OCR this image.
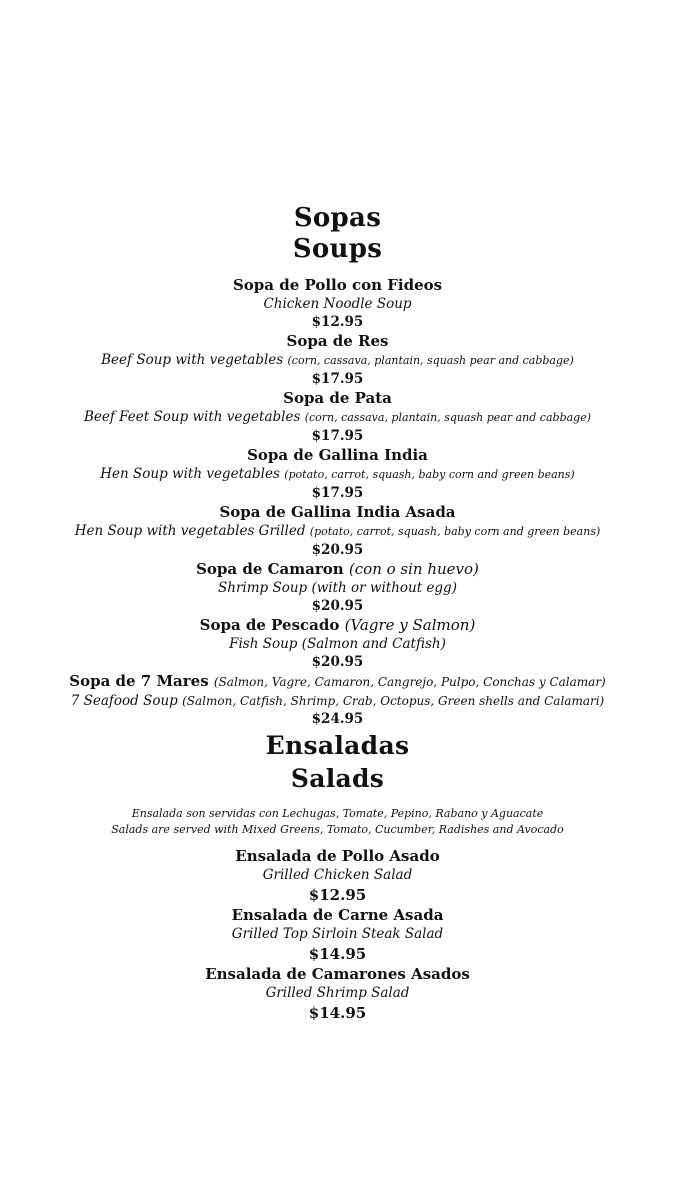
Sopas
Soups
Sopa de Pollo con Fideos
Chicken Noodle Soup
$12.95
Sopa de Res
Beef Soup with vegetables (corn, cassava, plantain, squash pear and cabbage)
$17.95
Sopa de Pata
Beef Feet Soup with vegetables (corn, cassava, plantain, squash pear and cabbage)
$17.95
Sopa de Gallina India
Hen Soup with vegetables (potato, carrot, squash, baby corn and green beans)
$17.95
Sopa de Gallina India Asada
Hen Soup with vegetables Grilled (potato, carrot, squash, baby corn and green beans)
$20.95
Sopa de Camaron (con o sin huevo)
Shrimp Soup (with or without egg)
$20.95
Sopa de Pescado (Vagre y Salmon)
Fish Soup (Salmon and Catfish)
$20.95
Sopa de 7 Mares (Salmon, Vagre, Camaron, Cangrejo, Pulpo, Conchas y Calamar)
7 Seafood Soup (Salmon, Catfish, Shrimp, Crab, Octopus, Green shells and Calamari)
$24.95
Ensaladas
Salads
Ensalada son servidas con Lechugas, Tomate, Pepino, Rabano y Aguacate
Salads are served with Mixed Greens, Tomato, Cucumber, Radishes and Avocado
Ensalada de Pollo Asado
Grilled Chicken Salad
$12.95
Ensalada de Carne Asada
Grilled Top Sirloin Steak Salad
$14.95
Ensalada de Camarones Asados
Grilled Shrimp Salad
$14.95
